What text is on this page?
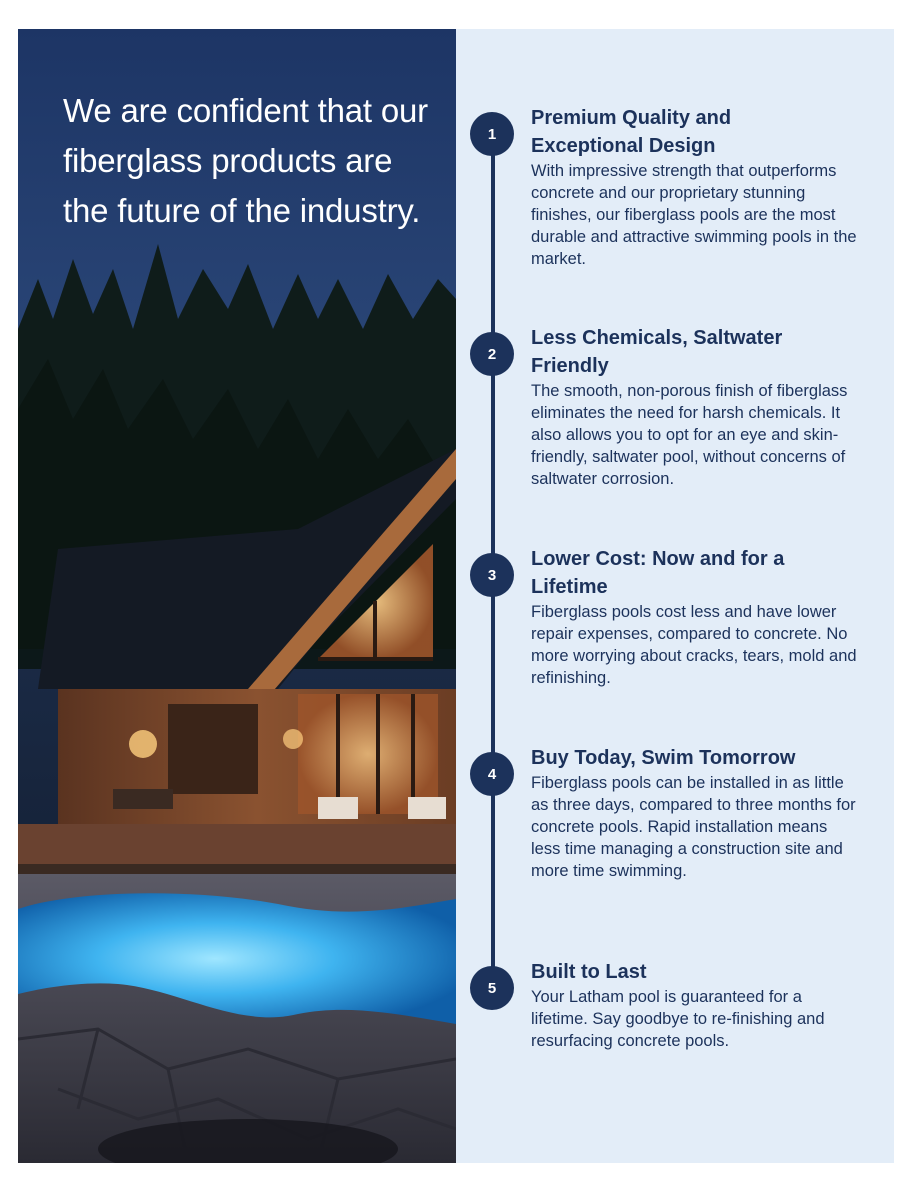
We are confident that our fiberglass products are the future of the industry.
1
Premium Quality and Exceptional Design

With impressive strength that outperforms concrete and our proprietary stunning finishes, our fiberglass pools are the most durable and attractive swimming pools in the market.

2
Less Chemicals, Saltwater Friendly

The smooth, non-porous finish of fiberglass eliminates the need for harsh chemicals. It also allows you to opt for an eye and skin-friendly, saltwater pool, without concerns of saltwater corrosion.

3
Lower Cost: Now and for a Lifetime

Fiberglass pools cost less and have lower repair expenses, compared to concrete. No more worrying about cracks, tears, mold and refinishing.

4
Buy Today, Swim Tomorrow

Fiberglass pools can be installed in as little as three days, compared to three months for concrete pools. Rapid installation means less time managing a construction site and more time swimming.

5
Built to Last

Your Latham pool is guaranteed for a lifetime. Say goodbye to re-finishing and resurfacing concrete pools.
